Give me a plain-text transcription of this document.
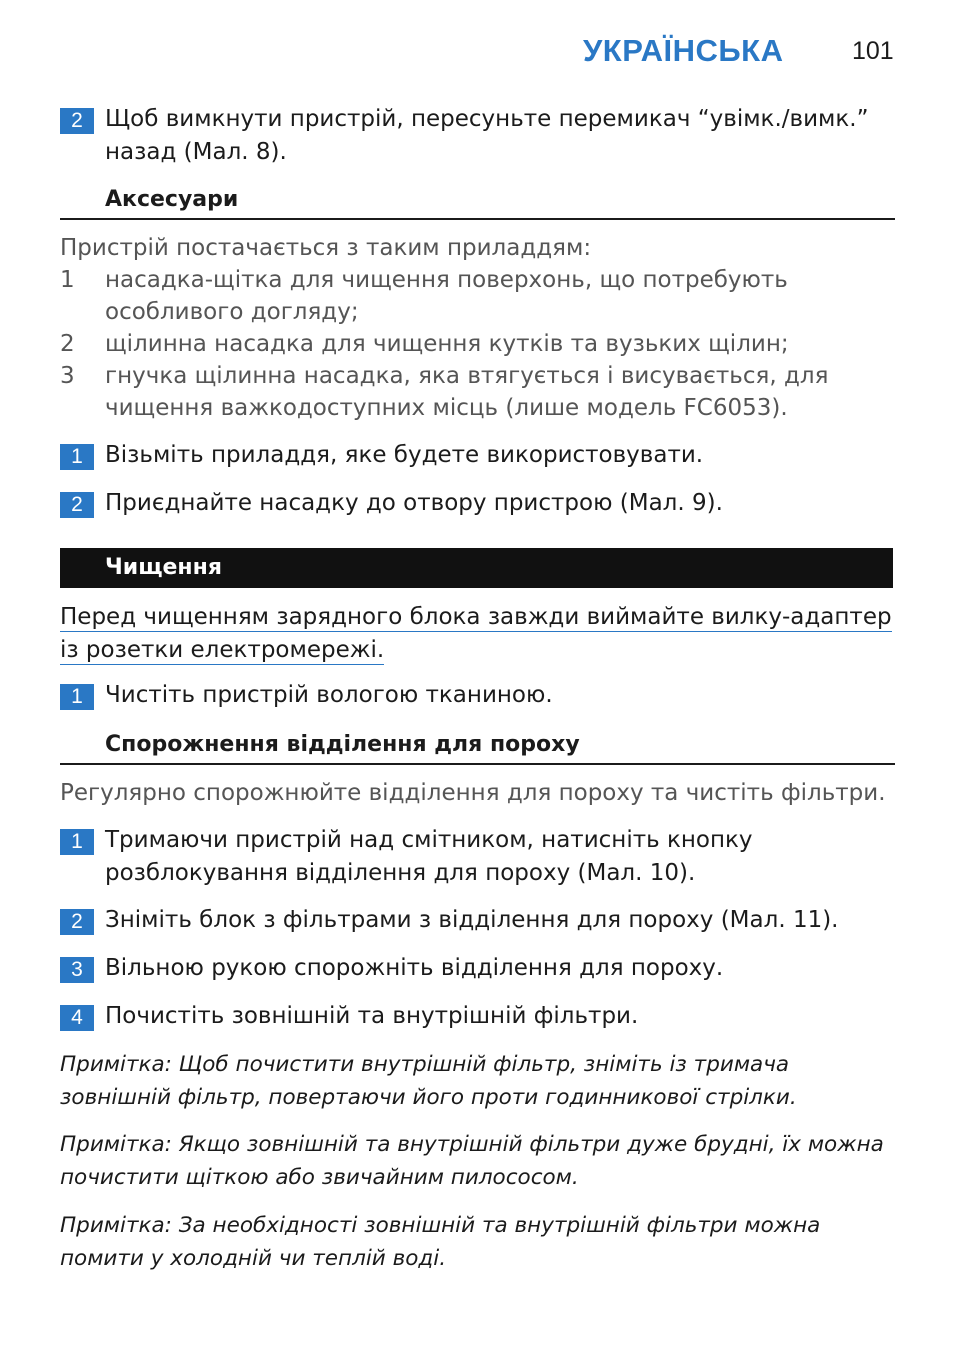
УКРАЇНСЬКА	101
2 Щоб вимкнути пристрій, пересуньте перемикач “увімк./вимк.” назад (Мал. 8).
Аксесуари
Пристрій постачається з таким приладдям:
1 насадка-щітка для чищення поверхонь, що потребують особливого догляду;
2 щілинна насадка для чищення кутків та вузьких щілин;
3 гнучка щілинна насадка, яка втягується і висувається, для чищення важкодоступних місць (лише модель FC6053).
1 Візьміть приладдя, яке будете використовувати.
2 Приєднайте насадку до отвору пристрою (Мал. 9).
Чищення
Перед чищенням зарядного блока завжди виймайте вилку-адаптер із розетки електромережі.
1 Чистіть пристрій вологою тканиною.
Спорожнення відділення для пороху
Регулярно спорожнюйте відділення для пороху та чистіть фільтри.
1 Тримаючи пристрій над смітником, натисніть кнопку розблокування відділення для пороху (Мал. 10).
2 Зніміть блок з фільтрами з відділення для пороху (Мал. 11).
3 Вільною рукою спорожніть відділення для пороху.
4 Почистіть зовнішній та внутрішній фільтри.
Примітка: Щоб почистити внутрішній фільтр, зніміть із тримача зовнішній фільтр, повертаючи його проти годинникової стрілки.
Примітка: Якщо зовнішній та внутрішній фільтри дуже брудні, їх можна почистити щіткою або звичайним пилососом.
Примітка: За необхідності зовнішній та внутрішній фільтри можна помити у холодній чи теплій воді.
